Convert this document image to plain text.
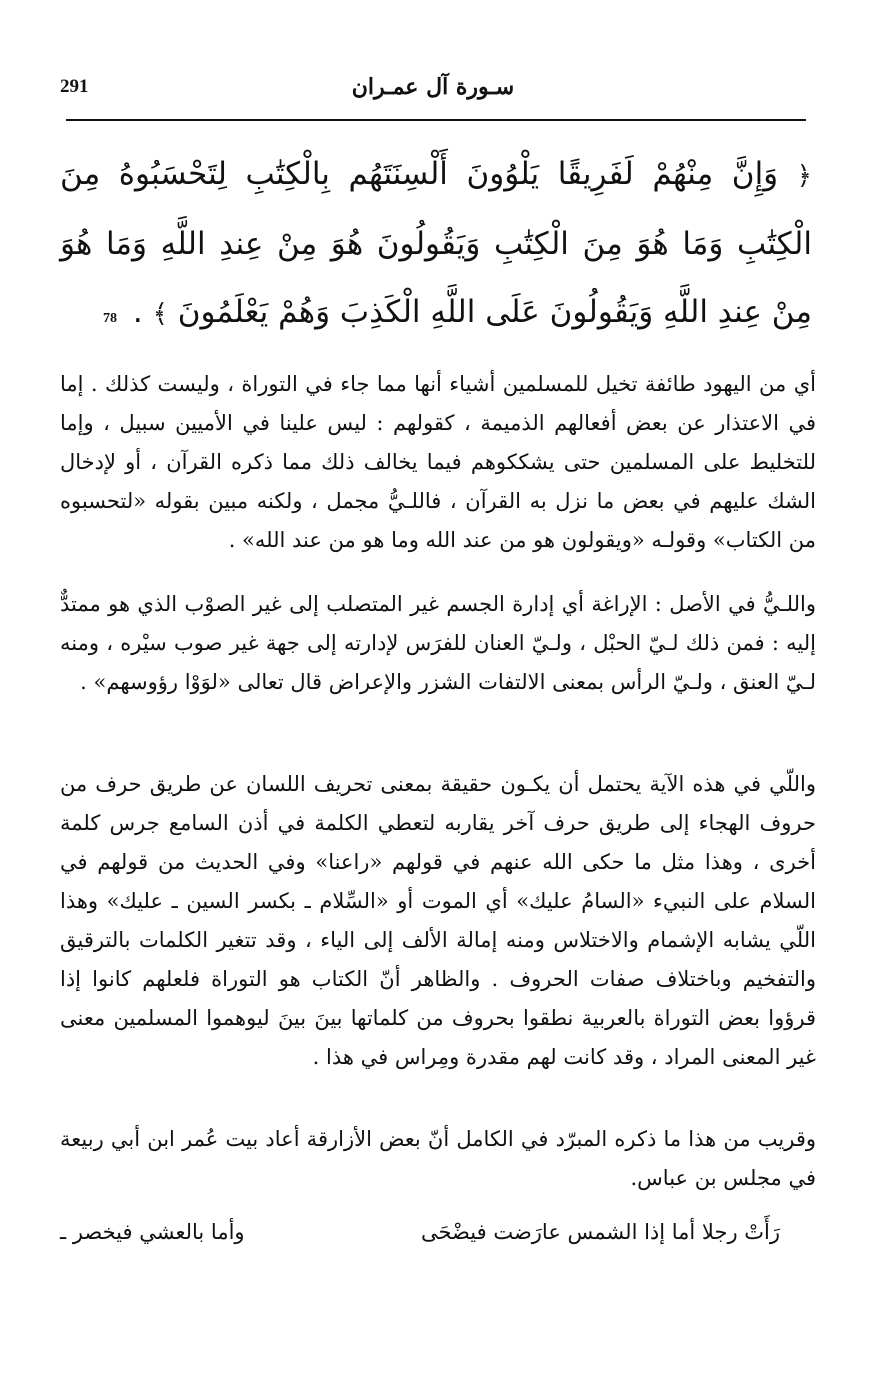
291	سـورة آل عمـران
﴿ وَإِنَّ مِنْهُمْ لَفَرِيقًا يَلْوُونَ أَلْسِنَتَهُم بِالْكِتَٰبِ لِتَحْسَبُوهُ مِنَ الْكِتَٰبِ وَمَا هُوَ مِنَ الْكِتَٰبِ وَيَقُولُونَ هُوَ مِنْ عِندِ اللَّهِ وَمَا هُوَ مِنْ عِندِ اللَّهِ وَيَقُولُونَ عَلَى اللَّهِ الْكَذِبَ وَهُمْ يَعْلَمُونَ ﴾ . 78
أي من اليهود طائفة تخيل للمسلمين أشياء أنها مما جاء في التوراة ، وليست كذلك . إما في الاعتذار عن بعض أفعالهم الذميمة ، كقولهم : ليس علينا في الأميين سبيل ، وإما للتخليط على المسلمين حتى يشككوهم فيما يخالف ذلك مما ذكره القرآن ، أو لإدخال الشك عليهم في بعض ما نزل به القرآن ، فاللـيُّ مجمل ، ولكنه مبين بقوله «لتحسبوه من الكتاب» وقولـه «ويقولون هو من عند الله وما هو من عند الله» .
واللـيُّ في الأصل : الإراغة أي إدارة الجسم غير المتصلب إلى غير الصوْب الذي هو ممتدٌّ إليه : فمن ذلك لـيّ الحبْل ، ولـيّ العنان للفرَس لإدارته إلى جهة غير صوب سيْره ، ومنه لـيّ العنق ، ولـيّ الرأس بمعنى الالتفات الشزر والإعراض قال تعالى «لوَوْا رؤوسهم» .
واللّي في هذه الآية يحتمل أن يكـون حقيقة بمعنى تحريف اللسان عن طريق حرف من حروف الهجاء إلى طريق حرف آخر يقاربه لتعطي الكلمة في أذن السامع جرس كلمة أخرى ، وهذا مثل ما حكى الله عنهم في قولهم «راعنا» وفي الحديث من قولهم في السلام على النبيء «السامُ عليك» أي الموت أو «السِّلام ـ بكسر السين ـ عليك» وهذا اللّي يشابه الإشمام والاختلاس ومنه إمالة الألف إلى الياء ، وقد تتغير الكلمات بالترقيق والتفخيم وباختلاف صفات الحروف . والظاهر أنّ الكتاب هو التوراة فلعلهم كانوا إذا قرؤوا بعض التوراة بالعربية نطقوا بحروف من كلماتها بينَ بينَ ليوهموا المسلمين معنى غير المعنى المراد ، وقد كانت لهم مقدرة ومِراس في هذا .
وقريب من هذا ما ذكره المبرّد في الكامل أنّ بعض الأزارقة أعاد بيت عُمر ابن أبي ربيعة في مجلس بن عباس.
رَأَتْ رجلا أما إذا الشمس عارَضت فيضْحَى
وأما بالعشي فيخصر ـ
